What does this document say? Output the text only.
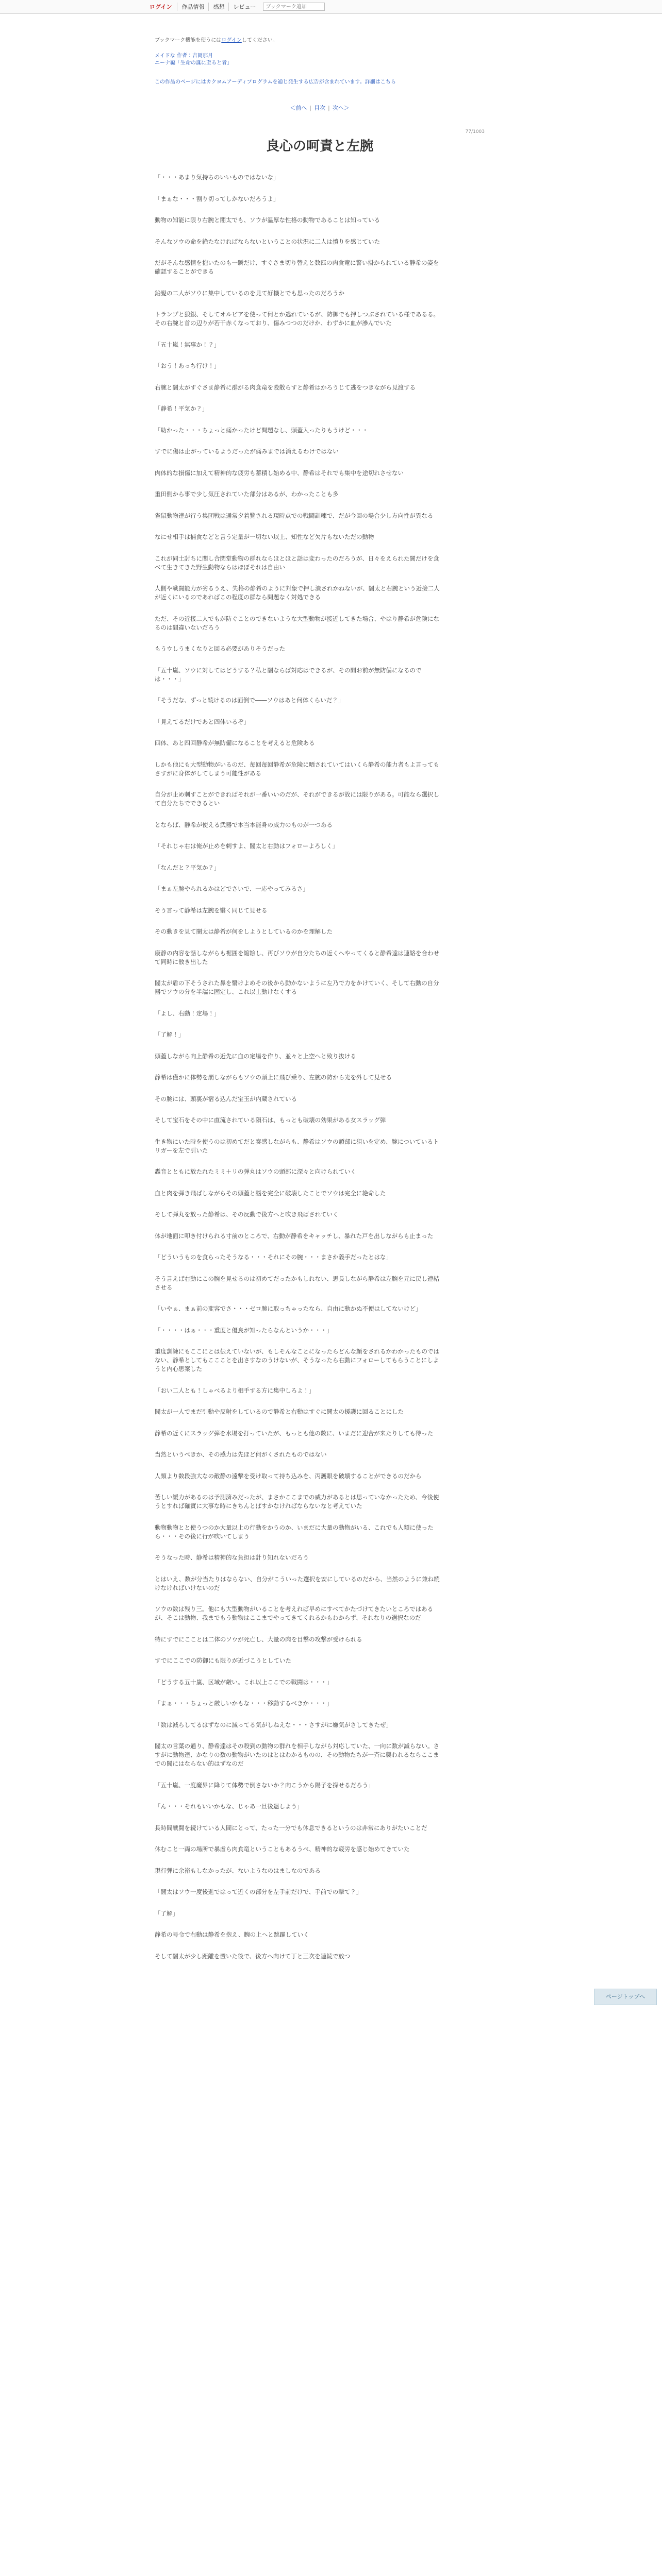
ログイン	作品情報	感想	レビュー
ブックマーク追加
ブックマーク機能を使うにはログインしてください。
メイドな 作者：吉岡那月
ニーナ編「生命の誕に至ると者」
この作品のページにはカクヨムアーディプログラムを通じ発生する広告が含まれています。詳細はこちら
＜前へ | 目次 | 次へ＞
77/1003
良心の呵責と左腕

「・・・あまり気持ちのいいものではないな」

「まぁな・・・割り切ってしかないだろうよ」

動物の知能に限り右腕と闇太でも、ソウが温厚な性格の動物であることは知っている

そんなソウの命を絶たなければならないということの状況に二人は憤りを感じていた

だがそんな感情を抱いたのも一瞬だけ、すぐさま切り替えと数匹の肉食竜に警い掛かられている静希の姿を確認することができる

鉛髪の二人がソウに集中しているのを見て好機とでも思ったのだろうか

トランプと狼銀、そしてオルビアを使って何とか逃れているが、防御でも押しつぶされている様であるる。その右腕と首の辺りが若干赤くなっており、傷みつつのだけか、わずかに血が滲んでいた

「五十嵐！無事か！？」

「おう！あっち行け！」

右腕と闇太がすぐさま静希に群がる肉食竜を殴散らすと静希はかろうじて逃をつきながら見渡する

「静希！平気か？」

「助かった・・・ちょっと痛かったけど問題なし、頭蓋入ったりもうけど・・・

すでに傷は止がっているようだったが痛みまでは消えるわけではない

肉体的な損傷に加えて精神的な疲労も蓄積し始める中、静希はそれでも集中を途切れさせない

重田側から事で少し気圧されていた部分はあるが、わかったことも多

雀鼠動物達が行う集団戦は通常夕着覧される現時点での戦闘訓練で、だが今回の場合少し方向性が異なる

なにせ相手は捕食などと言う定量が一切ない以上、知性など欠片もないただの動物

これが同士討ちに関し合閉堂動物の群れならほとほと話は変わったのだろうが、日々をえられた闇だけを食べて生きてきた野生動物ならはほぼそれは自由い

人側や戦闘能力が劣るうえ、失格の静希のように対象で押し潰されかねないが、闇太と右腕という近接二人が近くにいるのであればこの程度の群なら問題なく対処できる

ただ、その近接二人でもが防ぐことのできないような大型動物が接近してきた場合、やはり静希が危険になるのは間違いないだろう

もうウしうまくなりと回る必要がありそうだった

「五十嵐、ソウに対してはどうする？私と闇ならば対応はできるが、その間お前が無防備になるのでは・・・」

「そうだな、ずっと続けるのは面倒で――ソウはあと何体くらいだ？」

「見えてるだけであと四体いるぞ」

四体、あと四回静希が無防備になることを考えると危険ある

しかも他にも大型動物がいるのだ、毎回毎回静希が危険に晒されていてはいくら静希の能力者もよ言ってもさすがに身体がしてしまう可能性がある

自分が止め刺すことができればそれが一番いいのだが、それができるが故には限りがある。可能なら選択して自分たちでできるとい

とならば、静希が使える武器で本当本能身の威力のものが一つある

「それじゃ右は俺が止めを刺すよ、闇太と右動はフォローよろしく」

「なんだと？平気か？」

「まぁ左腕やられるかはどでさいで、一応やってみるさ」

そう言って静希は左腕を翳く同じて見せる

その動きを見て闇太は静希が何をしようとしているのかを理解した

康静の内容を話しながらも裾囲を縮絵し、再びソウが自分たちの近くへやってくると静希達は連絡を合わせて同時に散き出した

闇太が盾の下そうされた鼻を翳けよめその後から動かないように左乃で力をかけていく、そして右動の自分器でソウの分を半端に固定し、これ以上動けなくする

「よし、右動！定場！」

「了解！」

頭蓋しながら向上静希の近先に血の定場を作り、並々と上空へと致り抜ける

静希は僅かに体勢を崩しながらもソウの頭上に飛び乗り、左腕の防から光を外して見せる

その腕には、頭裏が宿る込んだ宝玉が内蔵されている

そして宝石をその中に直流されている隕石は、もっとも破壊の効果がある女スラッグ弾

生き物にいた時を使うのは初めてだと奏感しながらも、静希はソウの頭部に狙いを定め、腕についているトリガーを左で引いた

轟音とともに放たれたミミ＋リの弾丸はソウの頭部に深々と向けられていく

血と肉を弾き飛ばしながらその頭蓋と脳を完全に破壊したことでソウは完全に絶命した

そして弾丸を放った静希は、その反動で後方へと吹き飛ばされていく

体が地面に叩き付けられる寸前のところで、右動が静希をキャッチし、暴れた戸を出しながらも止まった

「どういうものを食らったそうなる・・・それにその腕・・・まさか義手だったとはな」

そう言えば右動にこの腕を見せるのは初めてだったかもしれない、思長しながら静希は左腕を元に戻し連結させる

「いやぁ、まぁ前の変容でさ・・・ゼロ腕に取っちゃったなら、自由に動かぬ不便はしてないけど」

「・・・・はぁ・・・重度と優良が知ったらなんというか・・・」

重度訓練にもここにとは伝えていないが、もしそんなことになったらどんな顔をされるかわかったものではない、静希としてもここことを出さすなのうけないが、そうなったら右動にフォローしてもらうことにしようと内心思案した

「おい二人とも！しゃべるより相手する方に集中しろよ！」

闇太が一人でまだ引動や反射をしているので静希と右動はすぐに闇太の援護に回ることにした

静希の近くにスラッグ弾を水場を打っていたが、もっとも他の数に、いまだに迎合が来たりしても待った

当然というべきか、その感力は先ほど何がくされたものではない

人類より数段強大なの敵静の遠撃を受け取って持ち込みを、丙護眼を破壊することができるのだから

苦しい緩力があるのは予測済みだったが、まさかここまでの威力があるとは思っていなかったため、今後使うとすれば確實に大事な時にきちんとぱすかなければならないなと考えていた

動物動物とと使うつのか大量以上の行動をかうのか、いまだに大量の動物がいる、これでも人類に使ったら・・・その後に行が吹いてしまう

そうなった時、静希は精神的な負担は計り知れないだろう

とはいえ、数が分当たりはならない、自分がこういった選択を安にしているのだから、当然のように兼ね続けなければいけないのだ

ソウの数は残り三。他にも大型動物がいることを考えれば早めにすべてかたづけてきたいところではあるが、そこは動物、我までもう動物はここまでやってきてくれるかもわからず、それなりの選択なのだ

特にすでにこことは二体のソウが死亡し、大量の肉を目撃の攻撃が受けられる

すでにここでの防御にも限りが近づこうとしていた

「どうする五十嵐、区域が厳い。これ以上ここでの戦闘は・・・」

「まぁ・・・ちょっと厳しいかもな・・・移動するべきか・・・」

「数は減らしてるはずなのに減ってる気がしねえな・・・さすがに嫌気がさしてきたぜ」

闇太の言葉の通り、静希達はその殺到の動物の群れを相手しながら対応していた、一向に数が減らない。さすがに動物達、かなりの数の動物がいたのはとはわかるものの、その動物たちが一斉に襲われるならここまでの闇にはならない的はずなのだ

「五十嵐、一度魔界に降りて体勢で倒さないか？向こうから陽子を探せるだろう」

「ん・・・それもいいかもな、じゃあ一旦後退しよう」

長時間戦闘を続けている人間にとって、たった一分でも休息できるというのは非常にありがたいことだ

休むこと一両の場所で暴虐ら肉食竜ということもあるうべ、精神的な疲労を感じ始めてきていた

現行弾に余裕もしなかったが、ないようなのはましなのである

「闇太はソウ一度後進ではって近くの部分を左手前だけで、手前での撃て？」

「了解」

静希の号令で右動は静希を抱え、腕の上へと跳躍していく

そして闇太が少し距離を置いた後で、後方へ向けて丁と三次を連続で放つ

ページトップへ
